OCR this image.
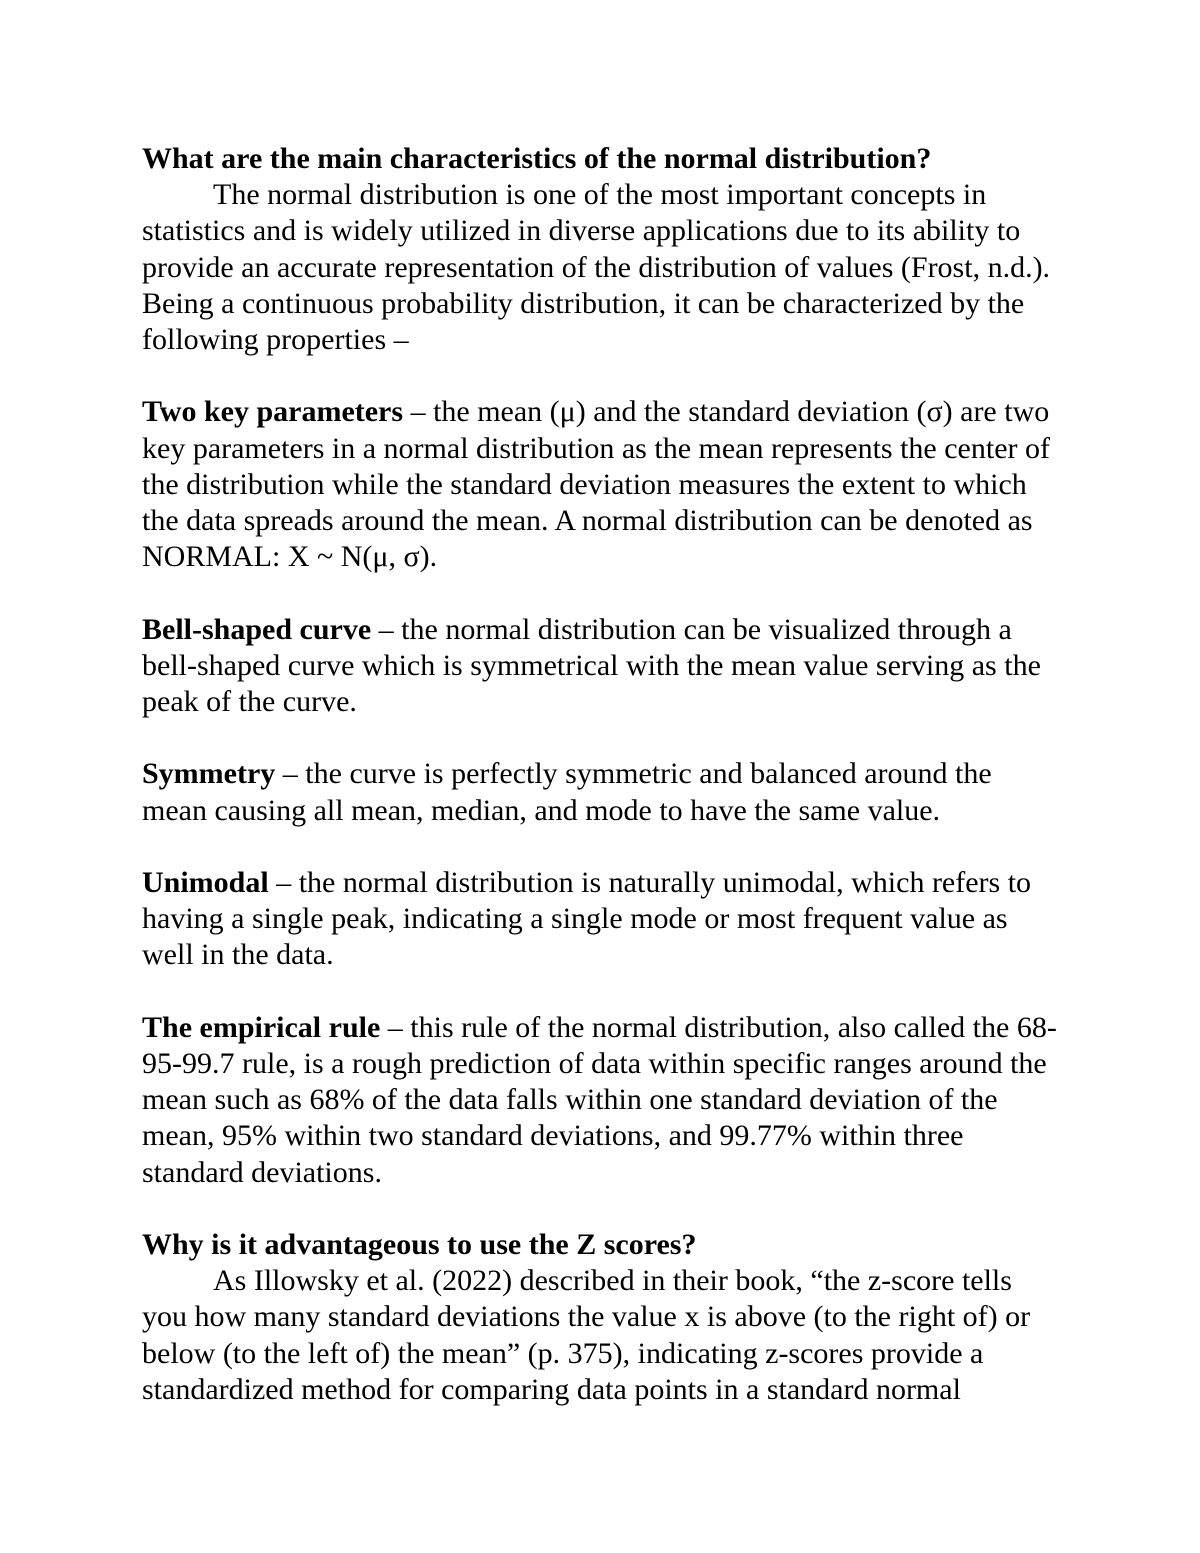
What are the main characteristics of the normal distribution?

The normal distribution is one of the most important concepts in statistics and is widely utilized in diverse applications due to its ability to provide an accurate representation of the distribution of values (Frost, n.d.). Being a continuous probability distribution, it can be characterized by the following properties –

Two key parameters – the mean (μ) and the standard deviation (σ) are two key parameters in a normal distribution as the mean represents the center of the distribution while the standard deviation measures the extent to which the data spreads around the mean. A normal distribution can be denoted as NORMAL: X ~ N(μ, σ).

Bell-shaped curve – the normal distribution can be visualized through a bell-shaped curve which is symmetrical with the mean value serving as the peak of the curve.

Symmetry – the curve is perfectly symmetric and balanced around the mean causing all mean, median, and mode to have the same value.

Unimodal – the normal distribution is naturally unimodal, which refers to having a single peak, indicating a single mode or most frequent value as well in the data.

The empirical rule – this rule of the normal distribution, also called the 68-95-99.7 rule, is a rough prediction of data within specific ranges around the mean such as 68% of the data falls within one standard deviation of the mean, 95% within two standard deviations, and 99.77% within three standard deviations.

Why is it advantageous to use the Z scores?

As Illowsky et al. (2022) described in their book, “the z-score tells you how many standard deviations the value x is above (to the right of) or below (to the left of) the mean” (p. 375), indicating z-scores provide a standardized method for comparing data points in a standard normal
